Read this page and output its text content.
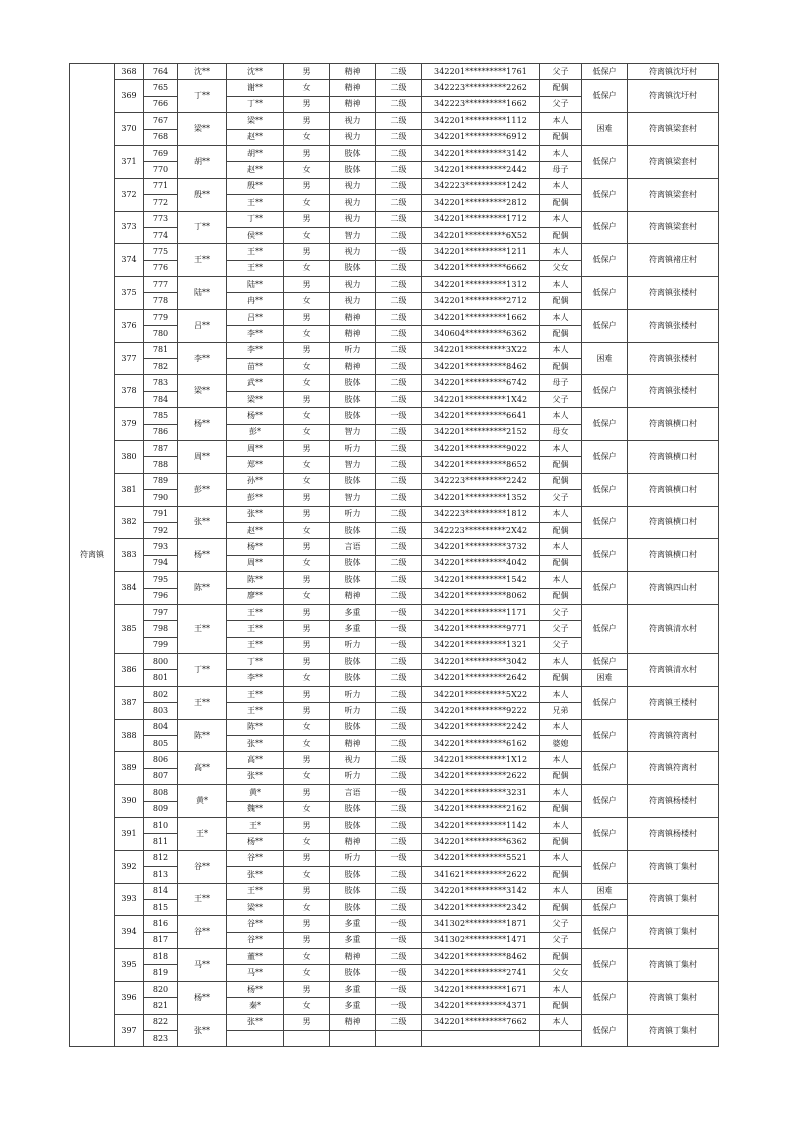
符离镇	368	764	沈**	沈**	男	精神	二级	342201**********1761	父子	低保户	符离镇沈圩村
	369	765	丁**	谢**	女	精神	二级	342223**********2262	配偶	低保户	符离镇沈圩村
		766		丁**	男	精神	二级	342223**********1662	父子		
	370	767	梁**	梁**	男	视力	二级	342201**********1112	本人	困难	符离镇梁套村
		768		赵**	女	视力	二级	342201**********6912	配偶		
	371	769	胡**	胡**	男	肢体	二级	342201**********3142	本人	低保户	符离镇梁套村
		770		赵**	女	肢体	二级	342201**********2442	母子		
	372	771	殷**	殷**	男	视力	二级	342223**********1242	本人	低保户	符离镇梁套村
		772		王**	女	视力	二级	342201**********2812	配偶		
	373	773	丁**	丁**	男	视力	二级	342201**********1712	本人	低保户	符离镇梁套村
		774		侯**	女	智力	二级	342201**********6X52	配偶		
	374	775	王**	王**	男	视力	一级	342201**********1211	本人	低保户	符离镇褚庄村
		776		王**	女	肢体	二级	342201**********6662	父女		
	375	777	陆**	陆**	男	视力	二级	342201**********1312	本人	低保户	符离镇张楼村
		778		冉**	女	视力	二级	342201**********2712	配偶		
	376	779	吕**	吕**	男	精神	二级	342201**********1662	本人	低保户	符离镇张楼村
		780		李**	女	精神	二级	340604**********6362	配偶		
	377	781	李**	李**	男	听力	二级	342201**********3X22	本人	困难	符离镇张楼村
		782		苗**	女	精神	二级	342201**********8462	配偶		
	378	783	梁**	武**	女	肢体	二级	342201**********6742	母子	低保户	符离镇张楼村
		784		梁**	男	肢体	二级	342201**********1X42	父子		
	379	785	杨**	杨**	女	肢体	一级	342201**********6641	本人	低保户	符离镇横口村
		786		彭*	女	智力	二级	342201**********2152	母女		
	380	787	周**	周**	男	听力	二级	342201**********9022	本人	低保户	符离镇横口村
		788		郑**	女	智力	二级	342201**********8652	配偶		
	381	789	彭**	孙**	女	肢体	二级	342223**********2242	配偶	低保户	符离镇横口村
		790		彭**	男	智力	二级	342201**********1352	父子		
	382	791	张**	张**	男	听力	二级	342223**********1812	本人	低保户	符离镇横口村
		792		赵**	女	肢体	二级	342223**********2X42	配偶		
	383	793	杨**	杨**	男	言语	二级	342201**********3732	本人	低保户	符离镇横口村
		794		周**	女	肢体	二级	342201**********4042	配偶		
	384	795	陈**	陈**	男	肢体	二级	342201**********1542	本人	低保户	符离镇四山村
		796		廖**	女	精神	二级	342201**********8062	配偶		
	385	797	王**	王**	男	多重	一级	342201**********1171	父子	低保户	符离镇清水村
		798		王**	男	多重	一级	342201**********9771	父子		
		799		王**	男	听力	一级	342201**********1321	父子		
	386	800	丁**	丁**	男	肢体	二级	342201**********3042	本人	低保户	符离镇清水村
		801		李**	女	肢体	二级	342201**********2642	配偶	困难	
	387	802	王**	王**	男	听力	二级	342201**********5X22	本人	低保户	符离镇王楼村
		803		王**	男	听力	二级	342201**********9222	兄弟		
	388	804	陈**	陈**	女	肢体	二级	342201**********2242	本人	低保户	符离镇符离村
		805		张**	女	精神	二级	342201**********6162	婆媳		
	389	806	高**	高**	男	视力	二级	342201**********1X12	本人	低保户	符离镇符离村
		807		张**	女	听力	二级	342201**********2622	配偶		
	390	808	黄*	黄*	男	言语	一级	342201**********3231	本人	低保户	符离镇杨楼村
		809		魏**	女	肢体	二级	342201**********2162	配偶		
	391	810	王*	王*	男	肢体	二级	342201**********1142	本人	低保户	符离镇杨楼村
		811		杨**	女	精神	二级	342201**********6362	配偶		
	392	812	谷**	谷**	男	听力	一级	342201**********5521	本人	低保户	符离镇丁集村
		813		张**	女	肢体	二级	341621**********2622	配偶		
	393	814	王**	王**	男	肢体	二级	342201**********3142	本人	困难	符离镇丁集村
		815		梁**	女	肢体	二级	342201**********2342	配偶	低保户	
	394	816	谷**	谷**	男	多重	一级	341302**********1871	父子	低保户	符离镇丁集村
		817		谷**	男	多重	一级	341302**********1471	父子		
	395	818	马**	董**	女	精神	二级	342201**********8462	配偶	低保户	符离镇丁集村
		819		马**	女	肢体	一级	342201**********2741	父女		
	396	820	杨**	杨**	男	多重	一级	342201**********1671	本人	低保户	符离镇丁集村
		821		秦*	女	多重	一级	342201**********4371	配偶		
	397	822	张**	张**	男	精神	二级	342201**********7662	本人	低保户	符离镇丁集村
		823									
